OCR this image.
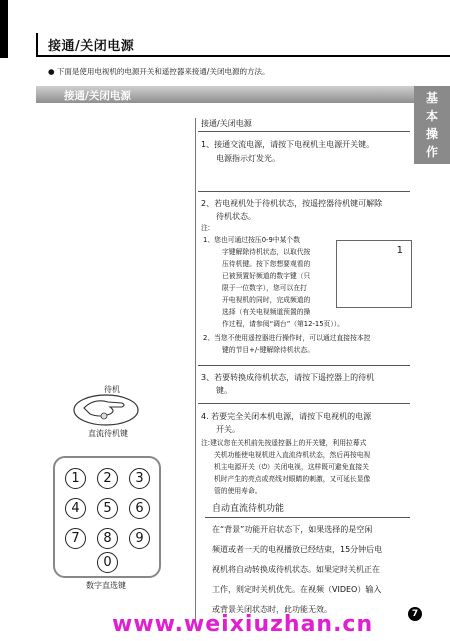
接通/关闭电源
● 下面是使用电视机的电源开关和遥控器来接通/关闭电源的方法。
接通/关闭电源	基
本
操
作
接通/关闭电源
1、接通交流电源，请按下电视机主电源开关键。
电源指示灯发光。
2、若电视机处于待机状态，按遥控器待机键可解除
待机状态。
注:
1、您也可通过按压0-9中某个数
字键解除待机状态，以取代按
压待机键。按下您想要观看的
已被预置好频道的数字键（只
限于一位数字），您可以在打
开电视机的同时，完成频道的
选择（有关电视频道预置的操
作过程，请参阅“调台”（第12-15页））。
1
2、当您不使用遥控器进行操作时，可以通过直接按本控
键的节目+/-键解除待机状态。
3、若要转换成待机状态，请按下遥控器上的待机
键。
4. 若要完全关闭本机电源，请按下电视机的电源
开关。
注:建议您在关机前先按遥控器上的开关键，利用拉幕式
关机功能使电视机进入直流待机状态，然后再按电视
机主电源开关（⏻）关闭电视，这样既可避免直接关
机时产生的亮点或亮线对眼睛的刺激，又可延长显像
管的使用寿命。
自动直流待机功能
在“背景”功能开启状态下，如果选择的是空闲
频道或者一天的电视播放已经结束，15分钟后电
视机将自动转换成待机状态。如果定时关机正在
工作，则定时关机优先。在视频（VIDEO）输入
或背景关闭状态时，此功能无效。
待机
直流待机键
1	2	3
4	5	6
7	8	9
0
数字直选键
7
www.weixiuzhan.cn
